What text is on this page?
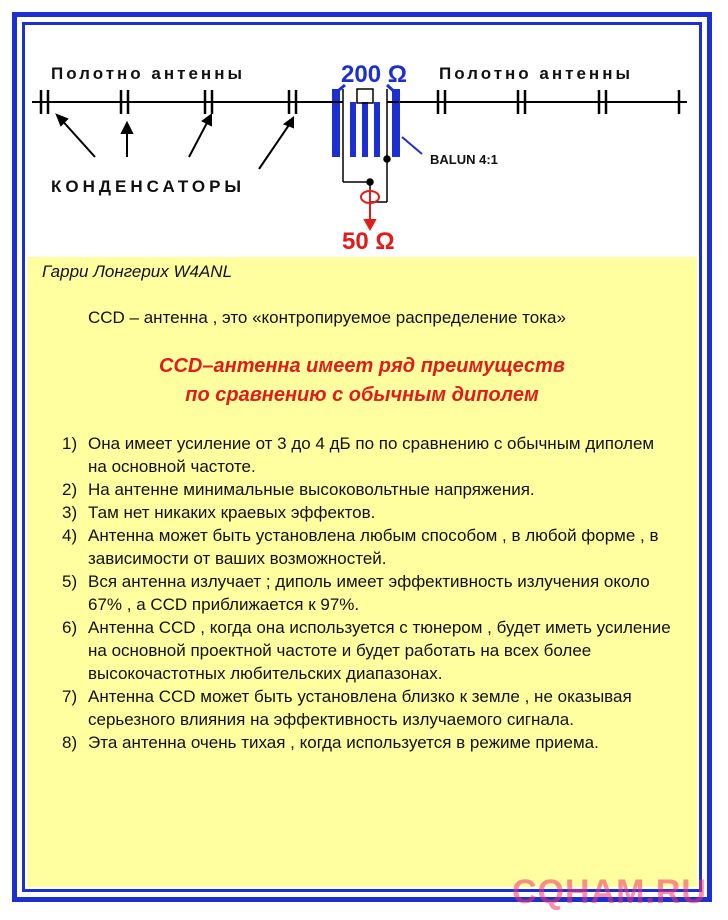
Полотно антенны	Полотно антенны
200 Ω
50 Ω
BALUN 4:1
КОНДЕНСАТОРЫ
Гарри Лонгерих W4ANL
CCD – антенна , это «контропируемое распределение тока»
CCD–антенна имеет ряд преимуществ
по сравнению с обычным диполем
1) Она имеет усиление от 3 до 4 дБ по по сравнению с обычным диполем на основной частоте.
2) На антенне минимальные высоковольтные напряжения.
3) Там нет никаких краевых эффектов.
4) Антенна может быть установлена любым способом , в любой форме , в зависимости от ваших возможностей.
5) Вся антенна излучает ; диполь имеет эффективность излучения около 67% , а CCD приближается к 97%.
6) Антенна CCD , когда она используется с тюнером , будет иметь усиление на основной проектной частоте и будет работать на всех более высокочастотных любительских диапазонах.
7) Антенна CCD может быть установлена близко к земле , не оказывая серьезного влияния на эффективность излучаемого сигнала.
8) Эта антенна очень тихая , когда используется в режиме приема.
CQHAM.RU
